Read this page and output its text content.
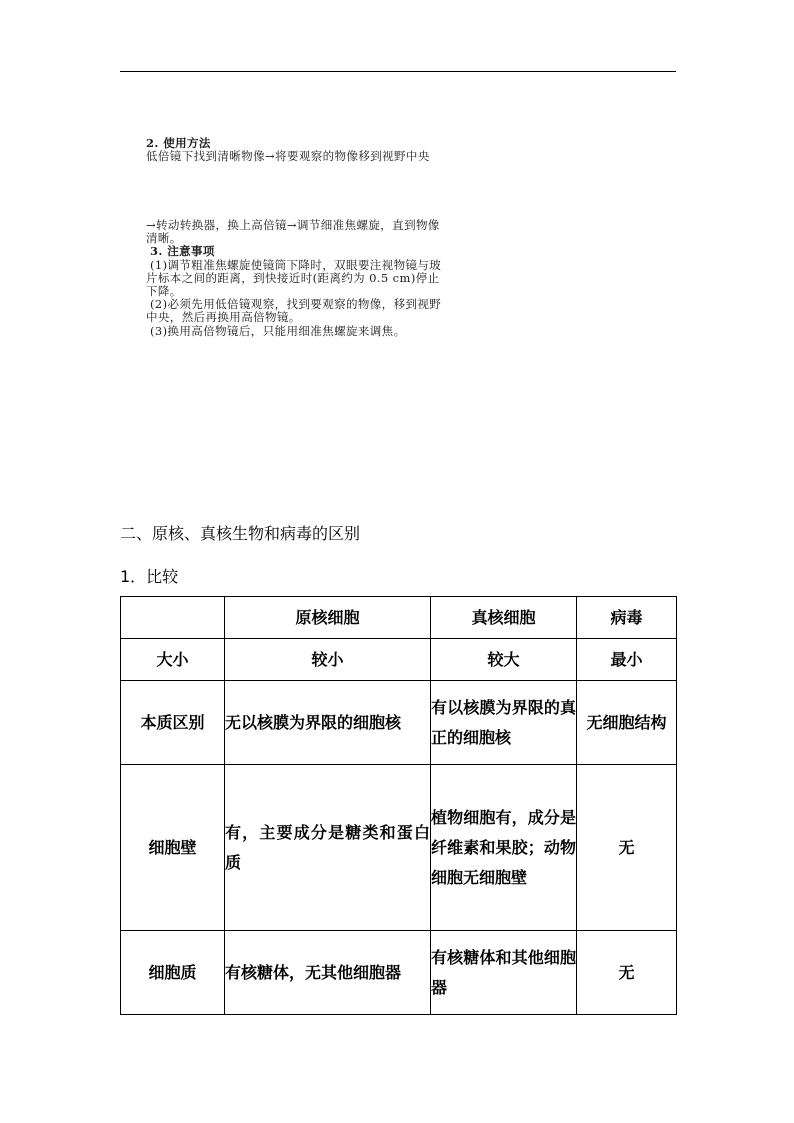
2. 使用方法

低倍镜下找到清晰物像→将要观察的物像移到视野中央

→转动转换器，换上高倍镜→调节细准焦螺旋，直到物像

清晰。

3. 注意事项

(1)调节粗准焦螺旋使镜筒下降时，双眼要注视物镜与玻

片标本之间的距离，到快接近时(距离约为 0.5 cm)停止

下降。

(2)必须先用低倍镜观察，找到要观察的物像，移到视野

中央，然后再换用高倍物镜。

(3)换用高倍物镜后，只能用细准焦螺旋来调焦。

二、原核、真核生物和病毒的区别
1．比较
	原核细胞	真核细胞	病毒
大小	较小	较大	最小
本质区别	无以核膜为界限的细胞核	有以核膜为界限的真正的细胞核	无细胞结构
细胞壁	有，主要成分是糖类和蛋白质	植物细胞有，成分是纤维素和果胶；动物细胞无细胞壁	无
细胞质	有核糖体，无其他细胞器	有核糖体和其他细胞器	无
